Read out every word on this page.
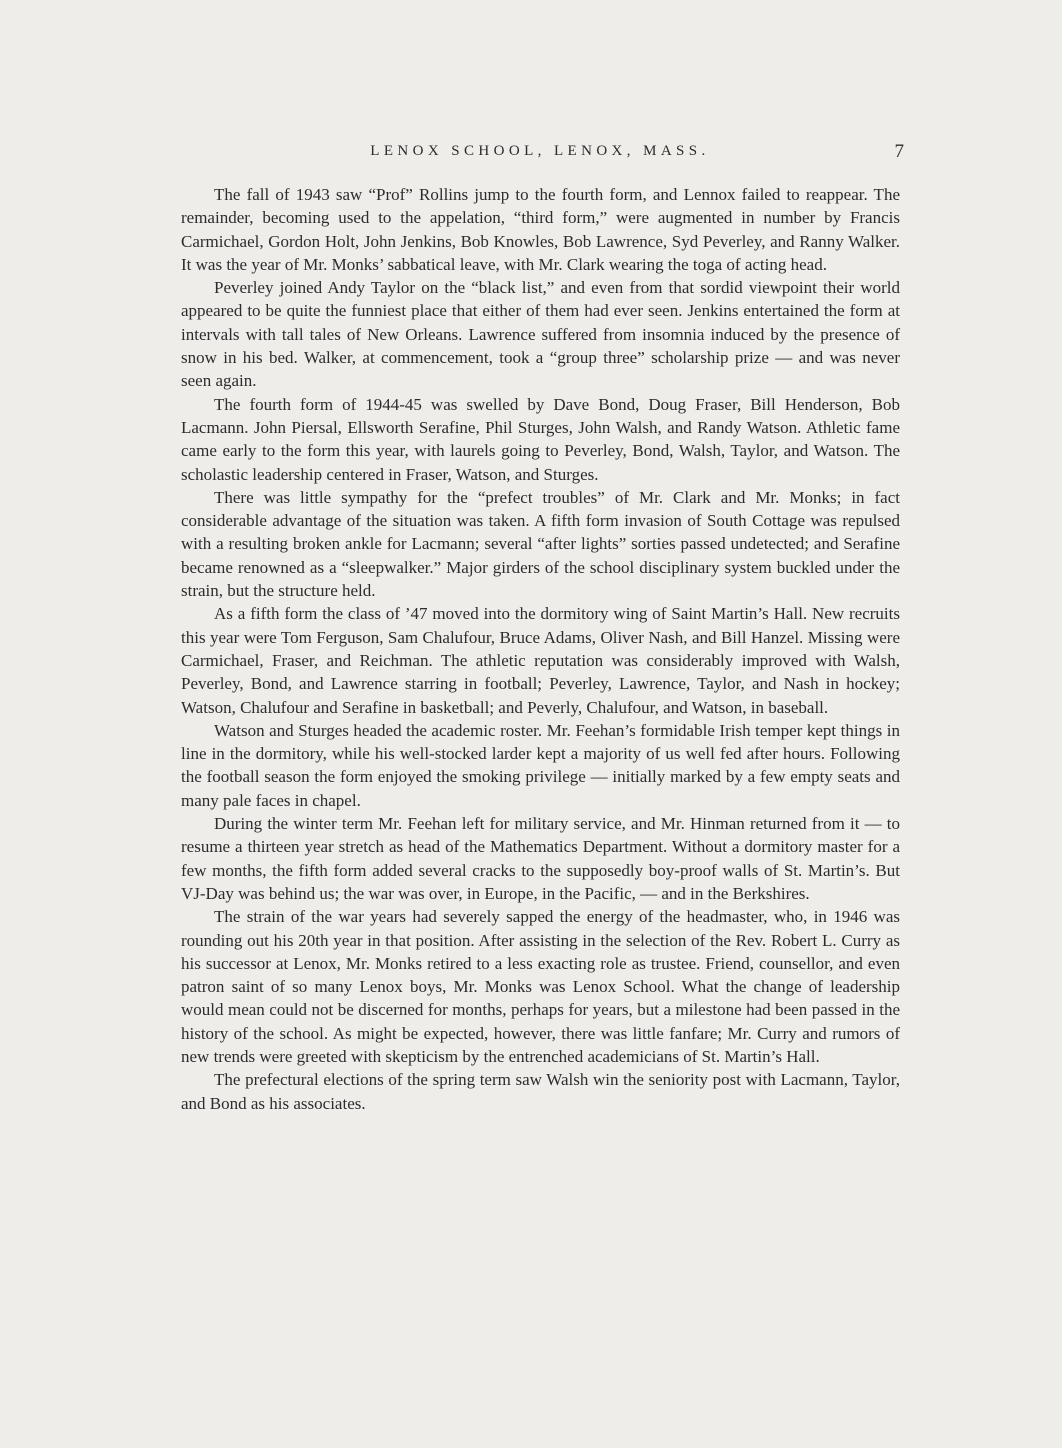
LENOX SCHOOL, LENOX, MASS.	7

The fall of 1943 saw “Prof” Rollins jump to the fourth form, and Lennox failed to reappear. The remainder, becoming used to the appelation, “third form,” were augmented in number by Francis Carmichael, Gordon Holt, John Jenkins, Bob Knowles, Bob Lawrence, Syd Peverley, and Ranny Walker. It was the year of Mr. Monks’ sabbatical leave, with Mr. Clark wearing the toga of acting head.

Peverley joined Andy Taylor on the “black list,” and even from that sordid viewpoint their world appeared to be quite the funniest place that either of them had ever seen. Jenkins entertained the form at intervals with tall tales of New Orleans. Lawrence suffered from insomnia induced by the presence of snow in his bed. Walker, at commencement, took a “group three” scholarship prize — and was never seen again.

The fourth form of 1944-45 was swelled by Dave Bond, Doug Fraser, Bill Henderson, Bob Lacmann. John Piersal, Ellsworth Serafine, Phil Sturges, John Walsh, and Randy Watson. Athletic fame came early to the form this year, with laurels going to Peverley, Bond, Walsh, Taylor, and Watson. The scholastic leadership centered in Fraser, Watson, and Sturges.

There was little sympathy for the “prefect troubles” of Mr. Clark and Mr. Monks; in fact considerable advantage of the situation was taken. A fifth form invasion of South Cottage was repulsed with a resulting broken ankle for Lacmann; several “after lights” sorties passed undetected; and Serafine became renowned as a “sleepwalker.” Major girders of the school disciplinary system buckled under the strain, but the structure held.

As a fifth form the class of ’47 moved into the dormitory wing of Saint Martin’s Hall. New recruits this year were Tom Ferguson, Sam Chalufour, Bruce Adams, Oliver Nash, and Bill Hanzel. Missing were Carmichael, Fraser, and Reichman. The athletic reputation was considerably improved with Walsh, Peverley, Bond, and Lawrence starring in football; Peverley, Lawrence, Taylor, and Nash in hockey; Watson, Chalufour and Serafine in basketball; and Peverly, Chalufour, and Watson, in baseball.

Watson and Sturges headed the academic roster. Mr. Feehan’s formidable Irish temper kept things in line in the dormitory, while his well-stocked larder kept a majority of us well fed after hours. Following the football season the form enjoyed the smoking privilege — initially marked by a few empty seats and many pale faces in chapel.

During the winter term Mr. Feehan left for military service, and Mr. Hinman returned from it — to resume a thirteen year stretch as head of the Mathematics Department. Without a dormitory master for a few months, the fifth form added several cracks to the supposedly boy-proof walls of St. Martin’s. But VJ-Day was behind us; the war was over, in Europe, in the Pacific, — and in the Berkshires.

The strain of the war years had severely sapped the energy of the headmaster, who, in 1946 was rounding out his 20th year in that position. After assisting in the selection of the Rev. Robert L. Curry as his successor at Lenox, Mr. Monks retired to a less exacting role as trustee. Friend, counsellor, and even patron saint of so many Lenox boys, Mr. Monks was Lenox School. What the change of leadership would mean could not be discerned for months, perhaps for years, but a milestone had been passed in the history of the school. As might be expected, however, there was little fanfare; Mr. Curry and rumors of new trends were greeted with skepticism by the entrenched academicians of St. Martin’s Hall.

The prefectural elections of the spring term saw Walsh win the seniority post with Lacmann, Taylor, and Bond as his associates.
